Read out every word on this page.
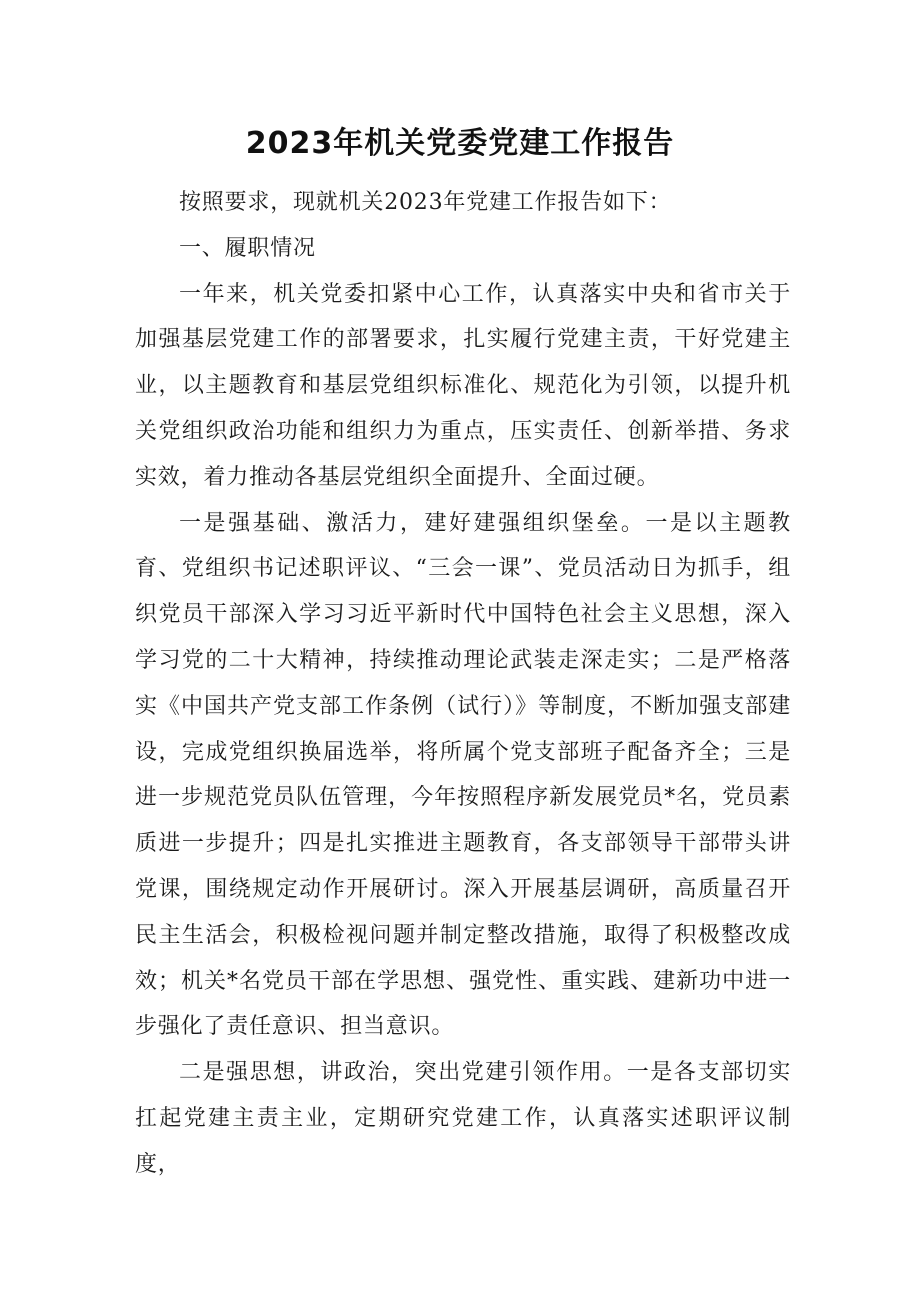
2023年机关党委党建工作报告

按照要求，现就机关2023年党建工作报告如下：

一、履职情况

一年来，机关党委扣紧中心工作，认真落实中央和省市关于加强基层党建工作的部署要求，扎实履行党建主责，干好党建主业，以主题教育和基层党组织标准化、规范化为引领，以提升机关党组织政治功能和组织力为重点，压实责任、创新举措、务求实效，着力推动各基层党组织全面提升、全面过硬。

一是强基础、激活力，建好建强组织堡垒。一是以主题教育、党组织书记述职评议、“三会一课”、党员活动日为抓手，组织党员干部深入学习习近平新时代中国特色社会主义思想，深入学习党的二十大精神，持续推动理论武装走深走实；二是严格落实《中国共产党支部工作条例（试行）》等制度，不断加强支部建设，完成党组织换届选举，将所属个党支部班子配备齐全；三是进一步规范党员队伍管理，今年按照程序新发展党员*名，党员素质进一步提升；四是扎实推进主题教育，各支部领导干部带头讲党课，围绕规定动作开展研讨。深入开展基层调研，高质量召开民主生活会，积极检视问题并制定整改措施，取得了积极整改成效；机关*名党员干部在学思想、强党性、重实践、建新功中进一步强化了责任意识、担当意识。

二是强思想，讲政治，突出党建引领作用。一是各支部切实扛起党建主责主业，定期研究党建工作，认真落实述职评议制度，
